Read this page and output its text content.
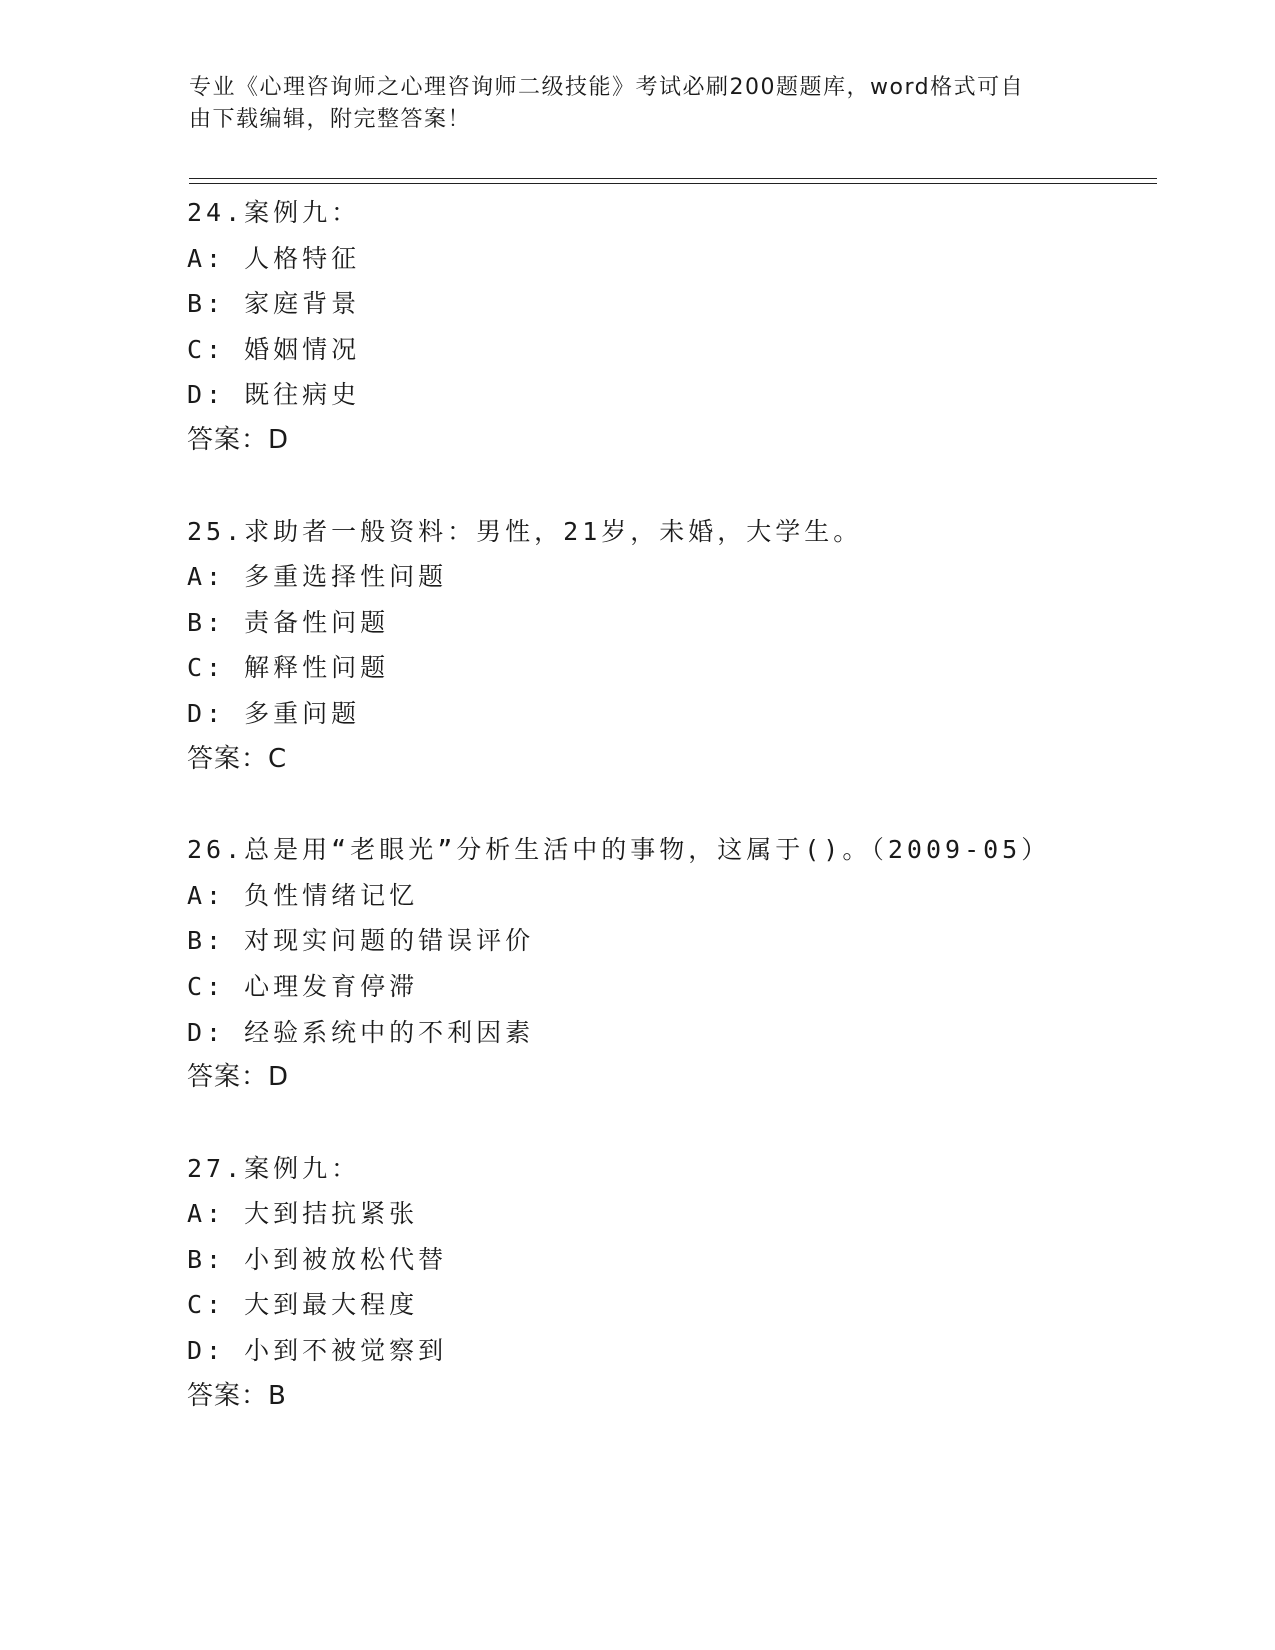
专业《心理咨询师之心理咨询师二级技能》考试必刷200题题库，word格式可自
由下载编辑，附完整答案！
24.案例九：
A: 人格特征
B: 家庭背景
C: 婚姻情况
D: 既往病史
答案：D
25.求助者一般资料：男性，21岁，未婚，大学生。
A: 多重选择性问题
B: 责备性问题
C: 解释性问题
D: 多重问题
答案：C
26.总是用“老眼光”分析生活中的事物，这属于()。（2009-05）
A: 负性情绪记忆
B: 对现实问题的错误评价
C: 心理发育停滞
D: 经验系统中的不利因素
答案：D
27.案例九：
A: 大到拮抗紧张
B: 小到被放松代替
C: 大到最大程度
D: 小到不被觉察到
答案：B
